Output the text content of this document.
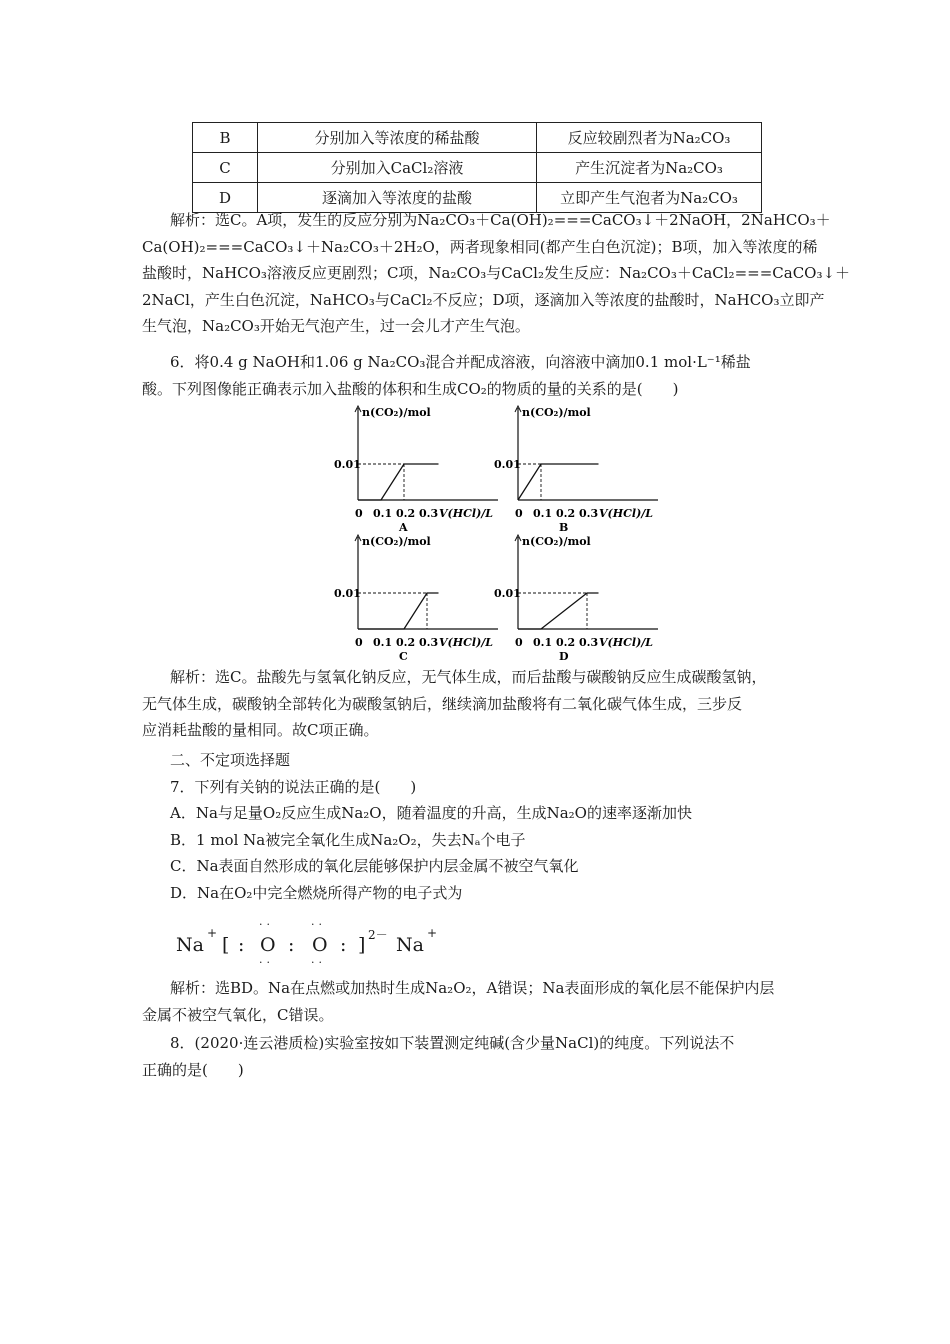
B	分别加入等浓度的稀盐酸	反应较剧烈者为Na₂CO₃
C	分别加入CaCl₂溶液	产生沉淀者为Na₂CO₃
D	逐滴加入等浓度的盐酸	立即产生气泡者为Na₂CO₃
解析：选C。A项，发生的反应分别为Na₂CO₃＋Ca(OH)₂===CaCO₃↓＋2NaOH，2NaHCO₃＋
Ca(OH)₂===CaCO₃↓＋Na₂CO₃＋2H₂O，两者现象相同(都产生白色沉淀)；B项，加入等浓度的稀
盐酸时，NaHCO₃溶液反应更剧烈；C项，Na₂CO₃与CaCl₂发生反应：Na₂CO₃＋CaCl₂===CaCO₃↓＋
2NaCl，产生白色沉淀，NaHCO₃与CaCl₂不反应；D项，逐滴加入等浓度的盐酸时，NaHCO₃立即产
生气泡，Na₂CO₃开始无气泡产生，过一会儿才产生气泡。
6．将0.4 g NaOH和1.06 g Na₂CO₃混合并配成溶液，向溶液中滴加0.1 mol·L⁻¹稀盐
酸。下列图像能正确表示加入盐酸的体积和生成CO₂的物质的量的关系的是(　　)
n(CO₂)/mol
0.01
0 0.1 0.2 0.3 V(HCl)/L
A
n(CO₂)/mol
0.01
0 0.1 0.2 0.3 V(HCl)/L
B
n(CO₂)/mol
0.01
0 0.1 0.2 0.3 V(HCl)/L
C
n(CO₂)/mol
0.01
0 0.1 0.2 0.3 V(HCl)/L
D
解析：选C。盐酸先与氢氧化钠反应，无气体生成，而后盐酸与碳酸钠反应生成碳酸氢钠，
无气体生成，碳酸钠全部转化为碳酸氢钠后，继续滴加盐酸将有二氧化碳气体生成，三步反
应消耗盐酸的量相同。故C项正确。
二、不定项选择题
7．下列有关钠的说法正确的是(　　)
A．Na与足量O₂反应生成Na₂O，随着温度的升高，生成Na₂O的速率逐渐加快
B．1 mol Na被完全氧化生成Na₂O₂，失去Nₐ个电子
C．Na表面自然形成的氧化层能够保护内层金属不被空气氧化
D．Na在O₂中完全燃烧所得产物的电子式为
Na
+
[ : O : O : ] 2－ Na
+
··	··
··	··
解析：选BD。Na在点燃或加热时生成Na₂O₂，A错误；Na表面形成的氧化层不能保护内层
金属不被空气氧化，C错误。
8．(2020·连云港质检)实验室按如下装置测定纯碱(含少量NaCl)的纯度。下列说法不
正确的是(　　)
